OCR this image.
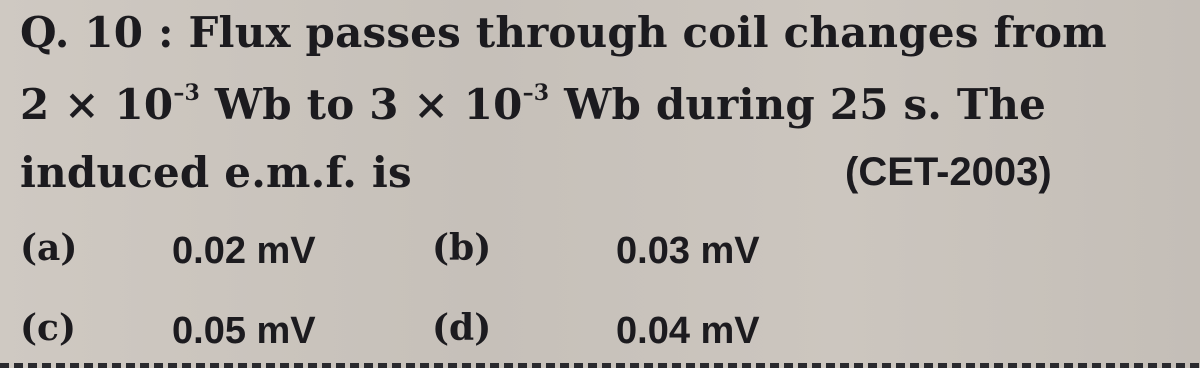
Q. 10 : Flux passes through coil changes from
$2 \times 10^{-3}$ Wb to $3 \times 10^{-3}$ Wb during 25 s. The
induced e.m.f. is	(CET-2003)
(a) 0.02 mV	(b)	0.03 mV
(c)	0.05 mV	(d)	0.04 mV
